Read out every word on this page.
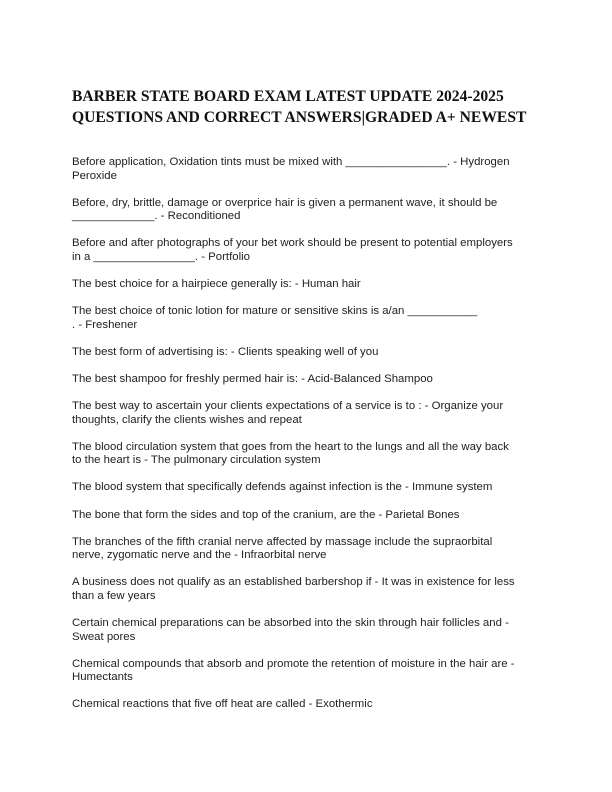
BARBER STATE BOARD EXAM LATEST UPDATE 2024-2025
QUESTIONS AND CORRECT ANSWERS|GRADED A+ NEWEST

Before application, Oxidation tints must be mixed with ________________. - Hydrogen
Peroxide

Before, dry, brittle, damage or overprice hair is given a permanent wave, it should be
_____________. - Reconditioned

Before and after photographs of your bet work should be present to potential employers
in a ________________. - Portfolio

The best choice for a hairpiece generally is: - Human hair

The best choice of tonic lotion for mature or sensitive skins is a/an ___________
. - Freshener

The best form of advertising is: - Clients speaking well of you

The best shampoo for freshly permed hair is: - Acid-Balanced Shampoo

The best way to ascertain your clients expectations of a service is to : - Organize your
thoughts, clarify the clients wishes and repeat

The blood circulation system that goes from the heart to the lungs and all the way back
to the heart is - The pulmonary circulation system

The blood system that specifically defends against infection is the - Immune system

The bone that form the sides and top of the cranium, are the - Parietal Bones

The branches of the fifth cranial nerve affected by massage include the supraorbital
nerve, zygomatic nerve and the - Infraorbital nerve

A business does not qualify as an established barbershop if - It was in existence for less
than a few years

Certain chemical preparations can be absorbed into the skin through hair follicles and -
Sweat pores

Chemical compounds that absorb and promote the retention of moisture in the hair are -
Humectants

Chemical reactions that five off heat are called - Exothermic
